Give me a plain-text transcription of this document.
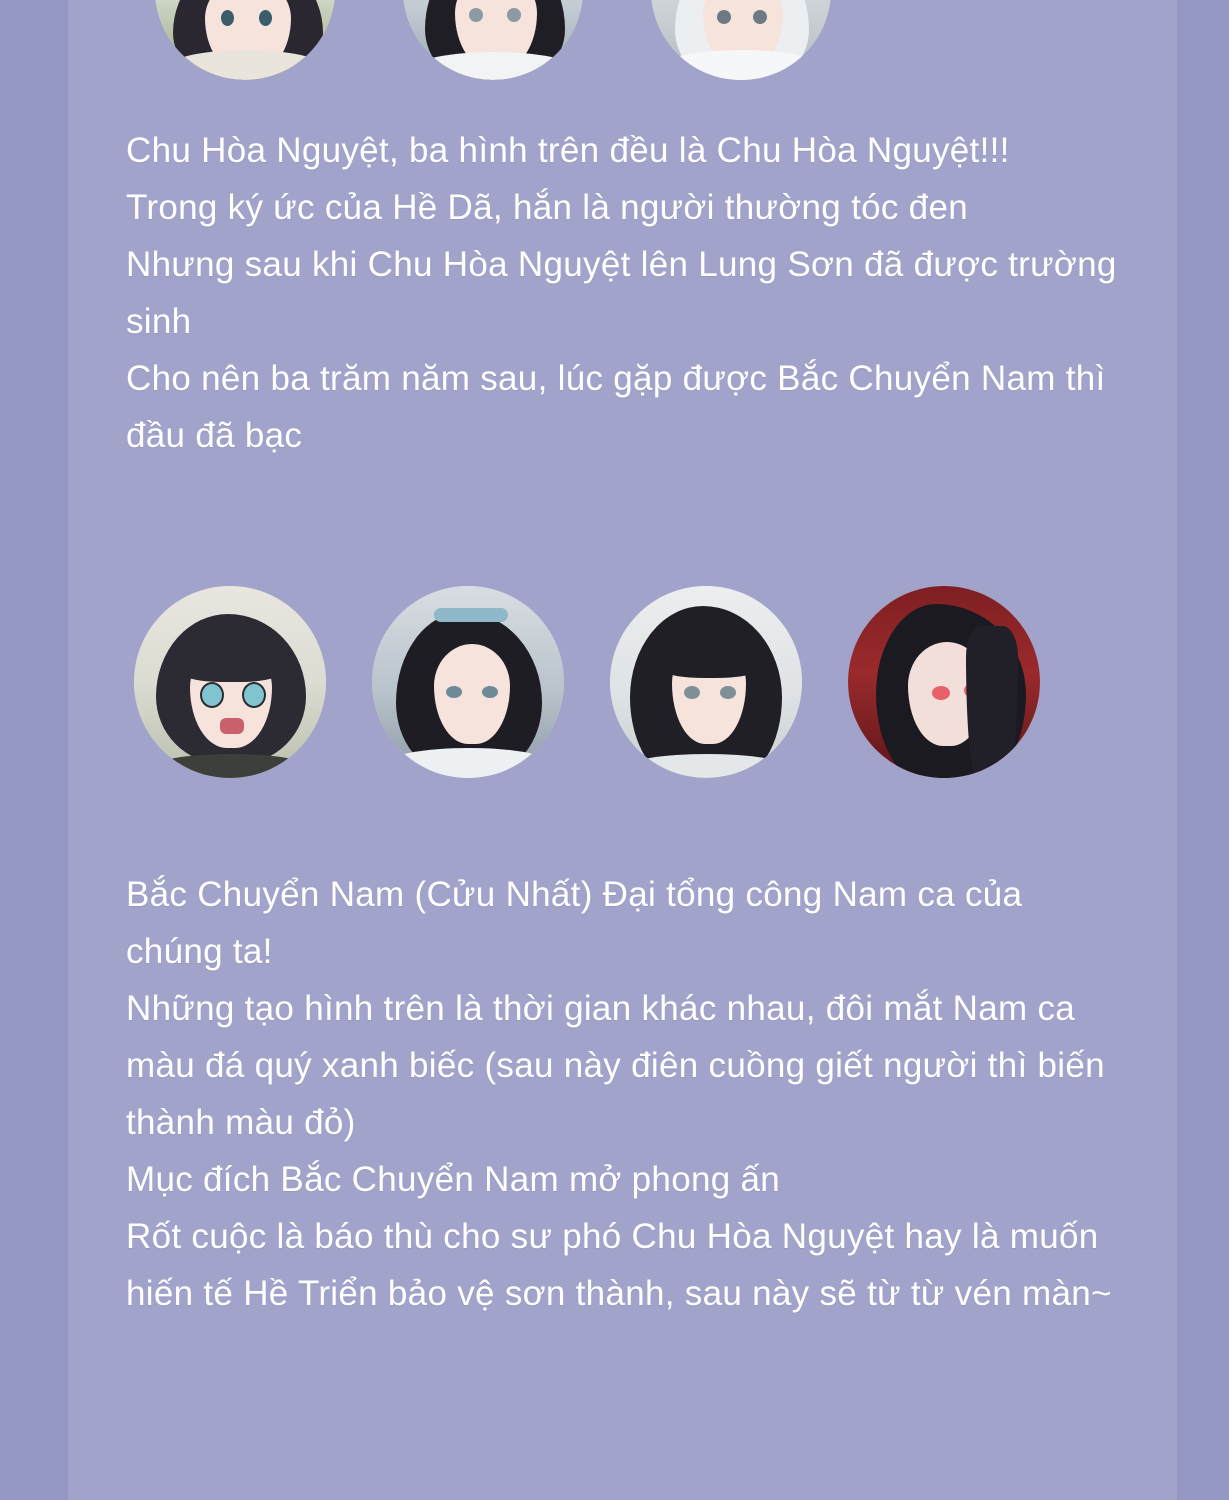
Chu Hòa Nguyệt, ba hình trên đều là Chu Hòa Nguyệt!!!
Trong ký ức của Hề Dã, hắn là người thường tóc đen
Nhưng sau khi Chu Hòa Nguyệt lên Lung Sơn đã được trường sinh
Cho nên ba trăm năm sau, lúc gặp được Bắc Chuyển Nam thì đầu đã bạc
Bắc Chuyển Nam (Cửu Nhất) Đại tổng công Nam ca của chúng ta!
Những tạo hình trên là thời gian khác nhau, đôi mắt Nam ca màu đá quý xanh biếc (sau này điên cuồng giết người thì biến thành màu đỏ)
Mục đích Bắc Chuyển Nam mở phong ấn
Rốt cuộc là báo thù cho sư phó Chu Hòa Nguyệt hay là muốn hiến tế Hề Triển bảo vệ sơn thành, sau này sẽ từ từ vén màn~
